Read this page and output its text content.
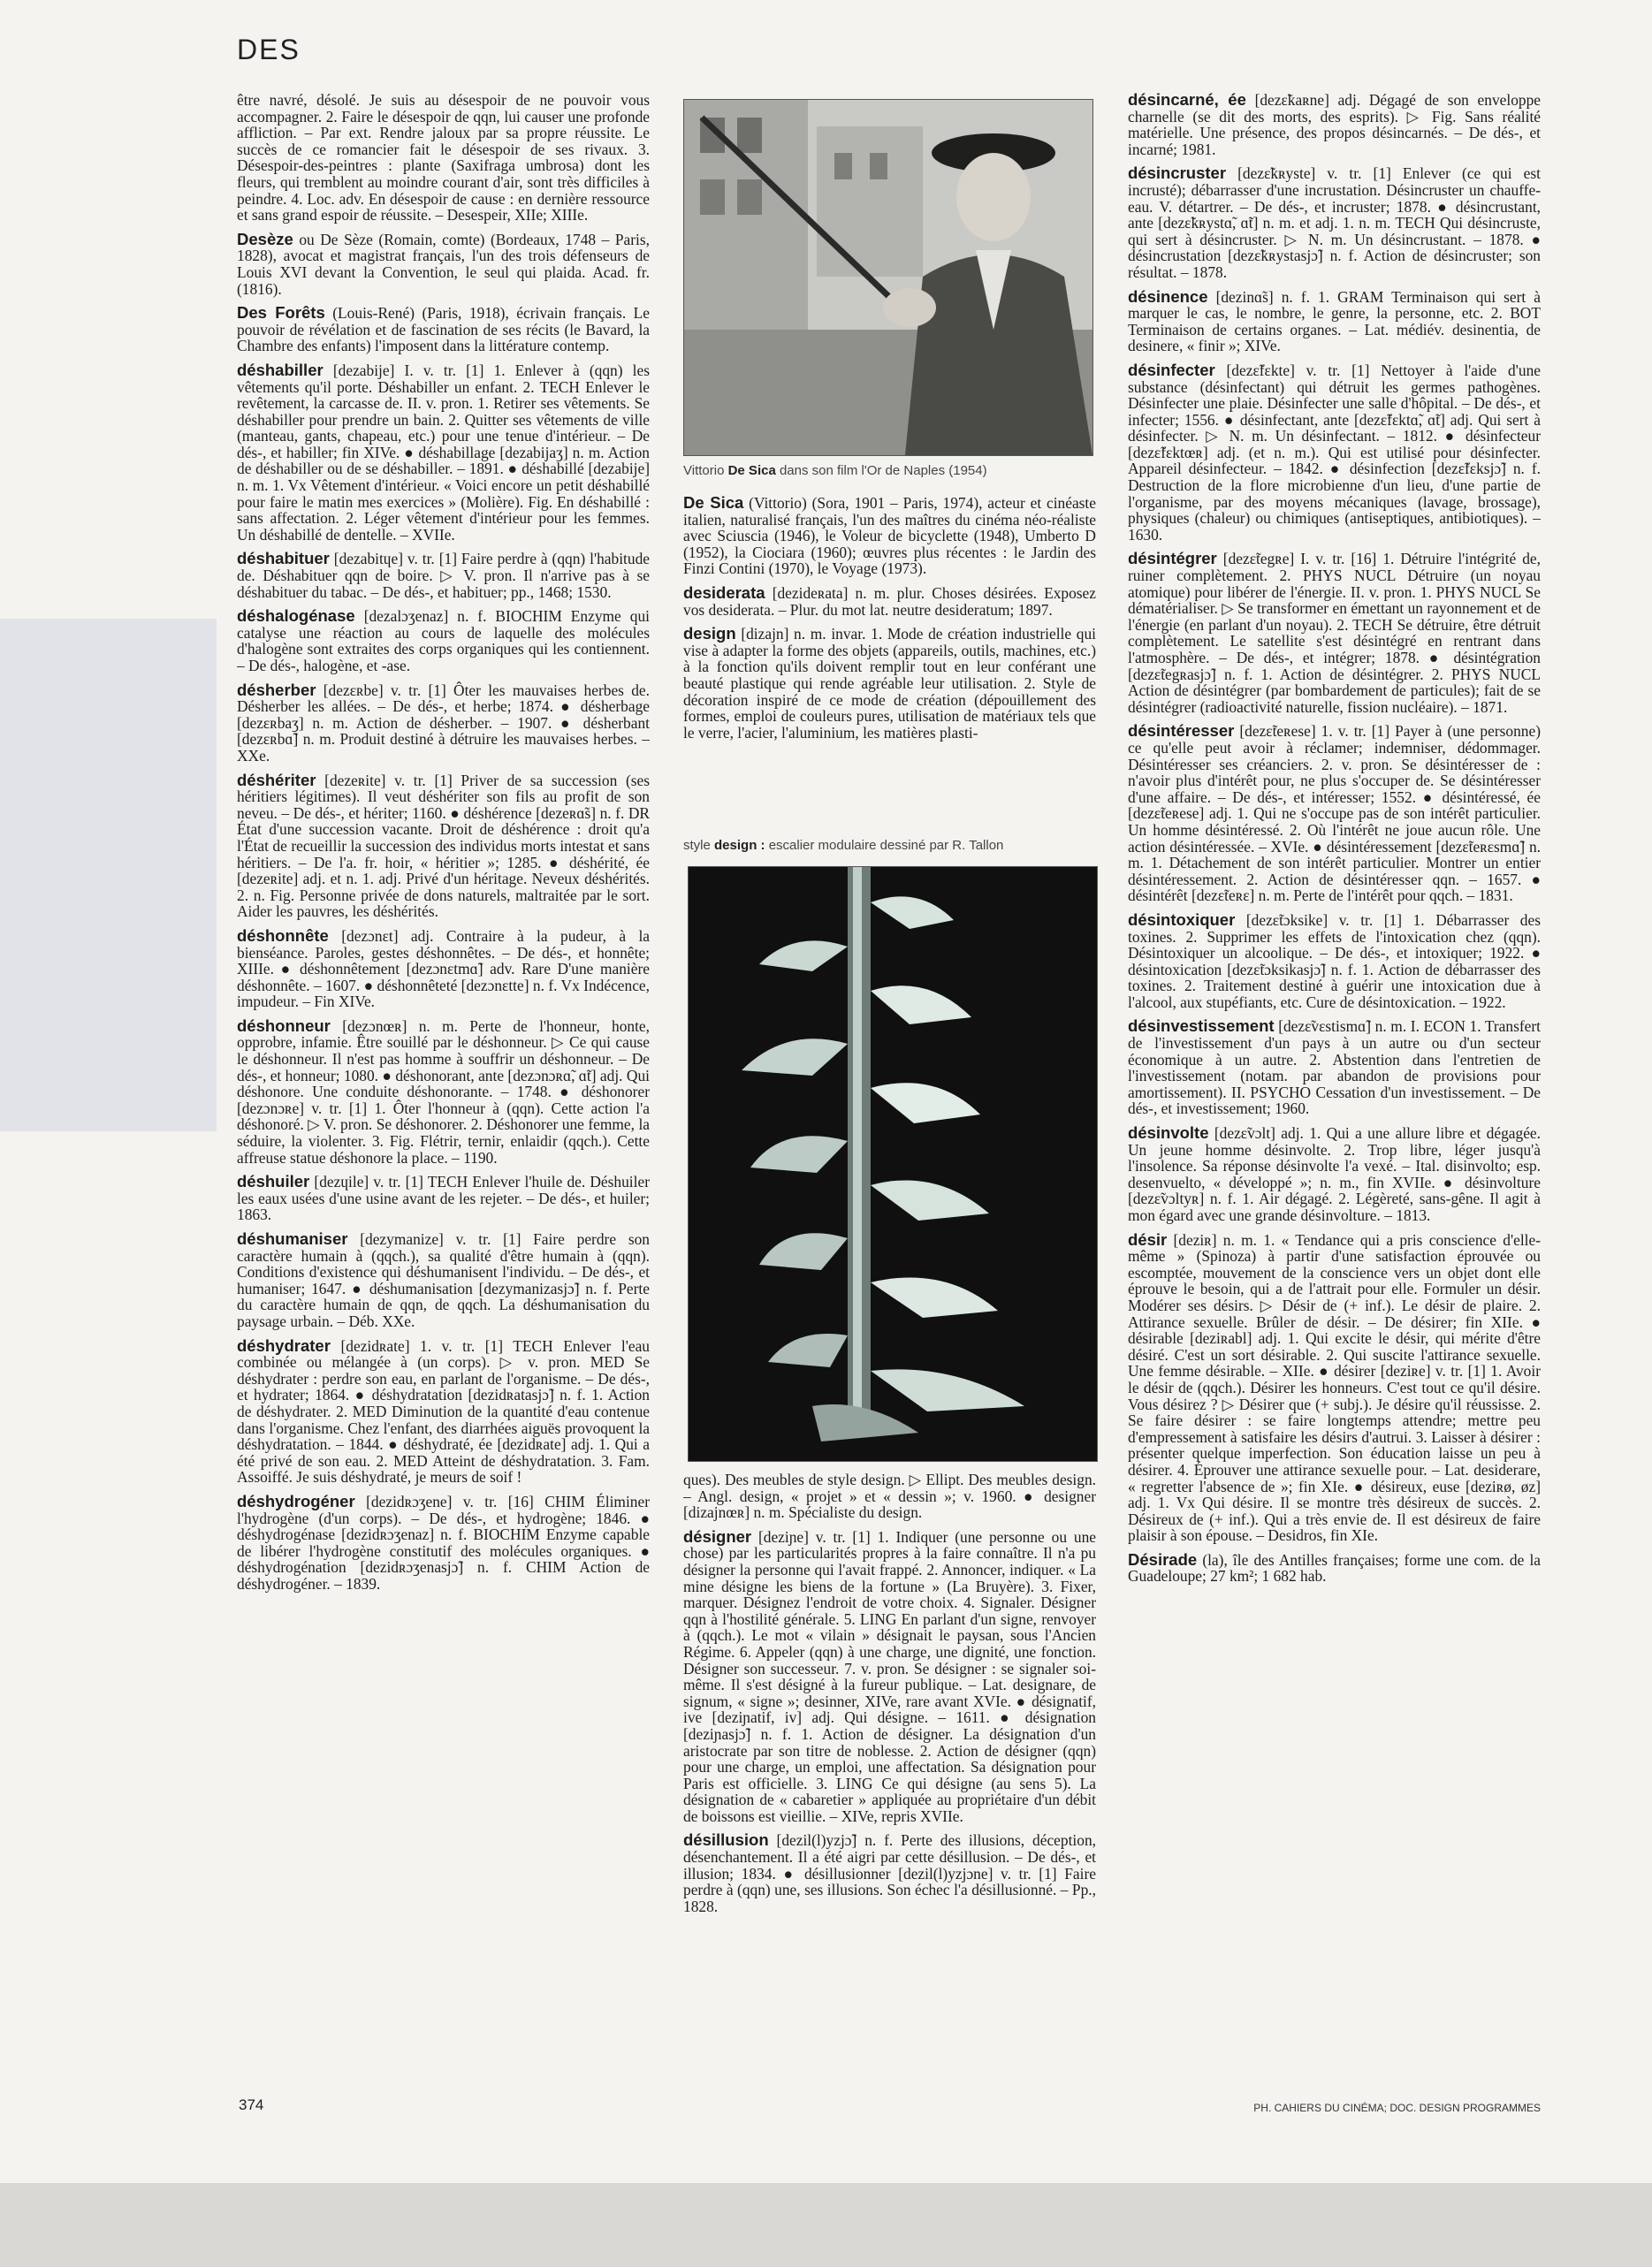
DES
être navré, désolé. Je suis au désespoir de ne pouvoir vous accompagner. 2. Faire le désespoir de qqn, lui causer une profonde affliction. – Par ext. Rendre jaloux par sa propre réussite. Le succès de ce romancier fait le désespoir de ses rivaux. 3. Désespoir-des-peintres : plante (Saxifraga umbrosa) dont les fleurs, qui tremblent au moindre courant d'air, sont très difficiles à peindre. 4. Loc. adv. En désespoir de cause : en dernière ressource et sans grand espoir de réussite. – Desespeir, XIIe; XIIIe.
Desèze ou De Sèze (Romain, comte) (Bordeaux, 1748 – Paris, 1828), avocat et magistrat français, l'un des trois défenseurs de Louis XVI devant la Convention, le seul qui plaida. Acad. fr. (1816).
Des Forêts (Louis-René) (Paris, 1918), écrivain français. Le pouvoir de révélation et de fascination de ses récits (le Bavard, la Chambre des enfants) l'imposent dans la littérature contemp.
déshabiller [dezabije] I. v. tr. [1] 1. Enlever à (qqn) les vêtements qu'il porte. Déshabiller un enfant. 2. TECH Enlever le revêtement, la carcasse de. II. v. pron. 1. Retirer ses vêtements. Se déshabiller pour prendre un bain. 2. Quitter ses vêtements de ville (manteau, gants, chapeau, etc.) pour une tenue d'intérieur. – De dés-, et habiller; fin XIVe. ● déshabillage [dezabijaʒ] n. m. Action de déshabiller ou de se déshabiller. – 1891. ● déshabillé [dezabije] n. m. 1. Vx Vêtement d'intérieur. « Voici encore un petit déshabillé pour faire le matin mes exercices » (Molière). Fig. En déshabillé : sans affectation. 2. Léger vêtement d'intérieur pour les femmes. Un déshabillé de dentelle. – XVIIe.
déshabituer [dezabitɥe] v. tr. [1] Faire perdre à (qqn) l'habitude de. Déshabituer qqn de boire. ▷ V. pron. Il n'arrive pas à se déshabituer du tabac. – De dés-, et habituer; pp., 1468; 1530.
déshalogénase [dezalɔʒenaz] n. f. BIOCHIM Enzyme qui catalyse une réaction au cours de laquelle des molécules d'halogène sont extraites des corps organiques qui les contiennent. – De dés-, halogène, et -ase.
désherber [dezɛʀbe] v. tr. [1] Ôter les mauvaises herbes de. Désherber les allées. – De dés-, et herbe; 1874. ● désherbage [dezɛʀbaʒ] n. m. Action de désherber. – 1907. ● désherbant [dezɛʀbɑ̃] n. m. Produit destiné à détruire les mauvaises herbes. – XXe.
déshériter [dezeʀite] v. tr. [1] Priver de sa succession (ses héritiers légitimes). Il veut déshériter son fils au profit de son neveu. – De dés-, et hériter; 1160. ● déshérence [dezeʀɑ̃s] n. f. DR État d'une succession vacante. Droit de déshérence : droit qu'a l'État de recueillir la succession des individus morts intestat et sans héritiers. – De l'a. fr. hoir, « héritier »; 1285. ● déshérité, ée [dezeʀite] adj. et n. 1. adj. Privé d'un héritage. Neveux déshérités. 2. n. Fig. Personne privée de dons naturels, maltraitée par le sort. Aider les pauvres, les déshérités.
déshonnête [dezɔnɛt] adj. Contraire à la pudeur, à la bienséance. Paroles, gestes déshonnêtes. – De dés-, et honnête; XIIIe. ● déshonnêtement [dezɔnɛtmɑ̃] adv. Rare D'une manière déshonnête. – 1607. ● déshonnêteté [dezɔnɛtte] n. f. Vx Indécence, impudeur. – Fin XIVe.
déshonneur [dezɔnœʀ] n. m. Perte de l'honneur, honte, opprobre, infamie. Être souillé par le déshonneur. ▷ Ce qui cause le déshonneur. Il n'est pas homme à souffrir un déshonneur. – De dés-, et honneur; 1080. ● déshonorant, ante [dezɔnɔʀɑ̃, ɑ̃t] adj. Qui déshonore. Une conduite déshonorante. – 1748. ● déshonorer [dezɔnɔʀe] v. tr. [1] 1. Ôter l'honneur à (qqn). Cette action l'a déshonoré. ▷ V. pron. Se déshonorer. 2. Déshonorer une femme, la séduire, la violenter. 3. Fig. Flétrir, ternir, enlaidir (qqch.). Cette affreuse statue déshonore la place. – 1190.
déshuiler [dezɥile] v. tr. [1] TECH Enlever l'huile de. Déshuiler les eaux usées d'une usine avant de les rejeter. – De dés-, et huiler; 1863.
déshumaniser [dezymanize] v. tr. [1] Faire perdre son caractère humain à (qqch.), sa qualité d'être humain à (qqn). Conditions d'existence qui déshumanisent l'individu. – De dés-, et humaniser; 1647. ● déshumanisation [dezymanizasjɔ̃] n. f. Perte du caractère humain de qqn, de qqch. La déshumanisation du paysage urbain. – Déb. XXe.
déshydrater [dezidʀate] 1. v. tr. [1] TECH Enlever l'eau combinée ou mélangée à (un corps). ▷ v. pron. MED Se déshydrater : perdre son eau, en parlant de l'organisme. – De dés-, et hydrater; 1864. ● déshydratation [dezidʀatasjɔ̃] n. f. 1. Action de déshydrater. 2. MED Diminution de la quantité d'eau contenue dans l'organisme. Chez l'enfant, des diarrhées aiguës provoquent la déshydratation. – 1844. ● déshydraté, ée [dezidʀate] adj. 1. Qui a été privé de son eau. 2. MED Atteint de déshydratation. 3. Fam. Assoiffé. Je suis déshydraté, je meurs de soif !
déshydrogéner [dezidʀɔʒene] v. tr. [16] CHIM Éliminer l'hydrogène (d'un corps). – De dés-, et hydrogène; 1846. ● déshydrogénase [dezidʀɔʒenaz] n. f. BIOCHIM Enzyme capable de libérer l'hydrogène constitutif des molécules organiques. ● déshydrogénation [dezidʀɔʒenasjɔ̃] n. f. CHIM Action de déshydrogéner. – 1839.
Vittorio De Sica dans son film l'Or de Naples (1954)
De Sica (Vittorio) (Sora, 1901 – Paris, 1974), acteur et cinéaste italien, naturalisé français, l'un des maîtres du cinéma néo-réaliste avec Sciuscia (1946), le Voleur de bicyclette (1948), Umberto D (1952), la Ciociara (1960); œuvres plus récentes : le Jardin des Finzi Contini (1970), le Voyage (1973).
desiderata [dezideʀata] n. m. plur. Choses désirées. Exposez vos desiderata. – Plur. du mot lat. neutre desideratum; 1897.
design [dizajn] n. m. invar. 1. Mode de création industrielle qui vise à adapter la forme des objets (appareils, outils, machines, etc.) à la fonction qu'ils doivent remplir tout en leur conférant une beauté plastique qui rende agréable leur utilisation. 2. Style de décoration inspiré de ce mode de création (dépouillement des formes, emploi de couleurs pures, utilisation de matériaux tels que le verre, l'acier, l'aluminium, les matières plasti-
style design : escalier modulaire dessiné par R. Tallon
ques). Des meubles de style design. ▷ Ellipt. Des meubles design. – Angl. design, « projet » et « dessin »; v. 1960. ● designer [dizajnœʀ] n. m. Spécialiste du design.
désigner [deziɲe] v. tr. [1] 1. Indiquer (une personne ou une chose) par les particularités propres à la faire connaître. Il n'a pu désigner la personne qui l'avait frappé. 2. Annoncer, indiquer. « La mine désigne les biens de la fortune » (La Bruyère). 3. Fixer, marquer. Désignez l'endroit de votre choix. 4. Signaler. Désigner qqn à l'hostilité générale. 5. LING En parlant d'un signe, renvoyer à (qqch.). Le mot « vilain » désignait le paysan, sous l'Ancien Régime. 6. Appeler (qqn) à une charge, une dignité, une fonction. Désigner son successeur. 7. v. pron. Se désigner : se signaler soi-même. Il s'est désigné à la fureur publique. – Lat. designare, de signum, « signe »; desinner, XIVe, rare avant XVIe. ● désignatif, ive [deziɲatif, iv] adj. Qui désigne. – 1611. ● désignation [deziɲasjɔ̃] n. f. 1. Action de désigner. La désignation d'un aristocrate par son titre de noblesse. 2. Action de désigner (qqn) pour une charge, un emploi, une affectation. Sa désignation pour Paris est officielle. 3. LING Ce qui désigne (au sens 5). La désignation de « cabaretier » appliquée au propriétaire d'un débit de boissons est vieillie. – XIVe, repris XVIIe.
désillusion [dezil(l)yzjɔ̃] n. f. Perte des illusions, déception, désenchantement. Il a été aigri par cette désillusion. – De dés-, et illusion; 1834. ● désillusionner [dezil(l)yzjɔne] v. tr. [1] Faire perdre à (qqn) une, ses illusions. Son échec l'a désillusionné. – Pp., 1828.
désincarné, ée [dezɛ̃kaʀne] adj. Dégagé de son enveloppe charnelle (se dit des morts, des esprits). ▷ Fig. Sans réalité matérielle. Une présence, des propos désincarnés. – De dés-, et incarné; 1981.
désincruster [dezɛ̃kʀyste] v. tr. [1] Enlever (ce qui est incrusté); débarrasser d'une incrustation. Désincruster un chauffe-eau. V. détartrer. – De dés-, et incruster; 1878. ● désincrustant, ante [dezɛ̃kʀystɑ̃, ɑ̃t] n. m. et adj. 1. n. m. TECH Qui désincruste, qui sert à désincruster. ▷ N. m. Un désincrustant. – 1878. ● désincrustation [dezɛ̃kʀystasjɔ̃] n. f. Action de désincruster; son résultat. – 1878.
désinence [dezinɑ̃s] n. f. 1. GRAM Terminaison qui sert à marquer le cas, le nombre, le genre, la personne, etc. 2. BOT Terminaison de certains organes. – Lat. médiév. desinentia, de desinere, « finir »; XIVe.
désinfecter [dezɛ̃fɛkte] v. tr. [1] Nettoyer à l'aide d'une substance (désinfectant) qui détruit les germes pathogènes. Désinfecter une plaie. Désinfecter une salle d'hôpital. – De dés-, et infecter; 1556. ● désinfectant, ante [dezɛ̃fɛktɑ̃, ɑ̃t] adj. Qui sert à désinfecter. ▷ N. m. Un désinfectant. – 1812. ● désinfecteur [dezɛ̃fɛktœʀ] adj. (et n. m.). Qui est utilisé pour désinfecter. Appareil désinfecteur. – 1842. ● désinfection [dezɛ̃fɛksjɔ̃] n. f. Destruction de la flore microbienne d'un lieu, d'une partie de l'organisme, par des moyens mécaniques (lavage, brossage), physiques (chaleur) ou chimiques (antiseptiques, antibiotiques). – 1630.
désintégrer [dezɛ̃tegʀe] I. v. tr. [16] 1. Détruire l'intégrité de, ruiner complètement. 2. PHYS NUCL Détruire (un noyau atomique) pour libérer de l'énergie. II. v. pron. 1. PHYS NUCL Se dématérialiser. ▷ Se transformer en émettant un rayonnement et de l'énergie (en parlant d'un noyau). 2. TECH Se détruire, être détruit complètement. Le satellite s'est désintégré en rentrant dans l'atmosphère. – De dés-, et intégrer; 1878. ● désintégration [dezɛ̃tegʀasjɔ̃] n. f. 1. Action de désintégrer. 2. PHYS NUCL Action de désintégrer (par bombardement de particules); fait de se désintégrer (radioactivité naturelle, fission nucléaire). – 1871.
désintéresser [dezɛ̃teʀese] 1. v. tr. [1] Payer à (une personne) ce qu'elle peut avoir à réclamer; indemniser, dédommager. Désintéresser ses créanciers. 2. v. pron. Se désintéresser de : n'avoir plus d'intérêt pour, ne plus s'occuper de. Se désintéresser d'une affaire. – De dés-, et intéresser; 1552. ● désintéressé, ée [dezɛ̃teʀese] adj. 1. Qui ne s'occupe pas de son intérêt particulier. Un homme désintéressé. 2. Où l'intérêt ne joue aucun rôle. Une action désintéressée. – XVIe. ● désintéressement [dezɛ̃teʀɛsmɑ̃] n. m. 1. Détachement de son intérêt particulier. Montrer un entier désintéressement. 2. Action de désintéresser qqn. – 1657. ● désintérêt [dezɛ̃teʀɛ] n. m. Perte de l'intérêt pour qqch. – 1831.
désintoxiquer [dezɛ̃tɔksike] v. tr. [1] 1. Débarrasser des toxines. 2. Supprimer les effets de l'intoxication chez (qqn). Désintoxiquer un alcoolique. – De dés-, et intoxiquer; 1922. ● désintoxication [dezɛ̃tɔksikasjɔ̃] n. f. 1. Action de débarrasser des toxines. 2. Traitement destiné à guérir une intoxication due à l'alcool, aux stupéfiants, etc. Cure de désintoxication. – 1922.
désinvestissement [dezɛ̃vɛstismɑ̃] n. m. I. ECON 1. Transfert de l'investissement d'un pays à un autre ou d'un secteur économique à un autre. 2. Abstention dans l'entretien de l'investissement (notam. par abandon de provisions pour amortissement). II. PSYCHO Cessation d'un investissement. – De dés-, et investissement; 1960.
désinvolte [dezɛ̃vɔlt] adj. 1. Qui a une allure libre et dégagée. Un jeune homme désinvolte. 2. Trop libre, léger jusqu'à l'insolence. Sa réponse désinvolte l'a vexé. – Ital. disinvolto; esp. desenvuelto, « développé »; n. m., fin XVIIe. ● désinvolture [dezɛ̃vɔltyʀ] n. f. 1. Air dégagé. 2. Légèreté, sans-gêne. Il agit à mon égard avec une grande désinvolture. – 1813.
désir [deziʀ] n. m. 1. « Tendance qui a pris conscience d'elle-même » (Spinoza) à partir d'une satisfaction éprouvée ou escomptée, mouvement de la conscience vers un objet dont elle éprouve le besoin, qui a de l'attrait pour elle. Formuler un désir. Modérer ses désirs. ▷ Désir de (+ inf.). Le désir de plaire. 2. Attirance sexuelle. Brûler de désir. – De désirer; fin XIIe. ● désirable [deziʀabl] adj. 1. Qui excite le désir, qui mérite d'être désiré. C'est un sort désirable. 2. Qui suscite l'attirance sexuelle. Une femme désirable. – XIIe. ● désirer [deziʀe] v. tr. [1] 1. Avoir le désir de (qqch.). Désirer les honneurs. C'est tout ce qu'il désire. Vous désirez ? ▷ Désirer que (+ subj.). Je désire qu'il réussisse. 2. Se faire désirer : se faire longtemps attendre; mettre peu d'empressement à satisfaire les désirs d'autrui. 3. Laisser à désirer : présenter quelque imperfection. Son éducation laisse un peu à désirer. 4. Éprouver une attirance sexuelle pour. – Lat. desiderare, « regretter l'absence de »; fin XIe. ● désireux, euse [deziʀø, øz] adj. 1. Vx Qui désire. Il se montre très désireux de succès. 2. Désireux de (+ inf.). Qui a très envie de. Il est désireux de faire plaisir à son épouse. – Desidros, fin XIe.
Désirade (la), île des Antilles françaises; forme une com. de la Guadeloupe; 27 km²; 1 682 hab.
374	PH. CAHIERS DU CINÉMA; DOC. DESIGN PROGRAMMES
